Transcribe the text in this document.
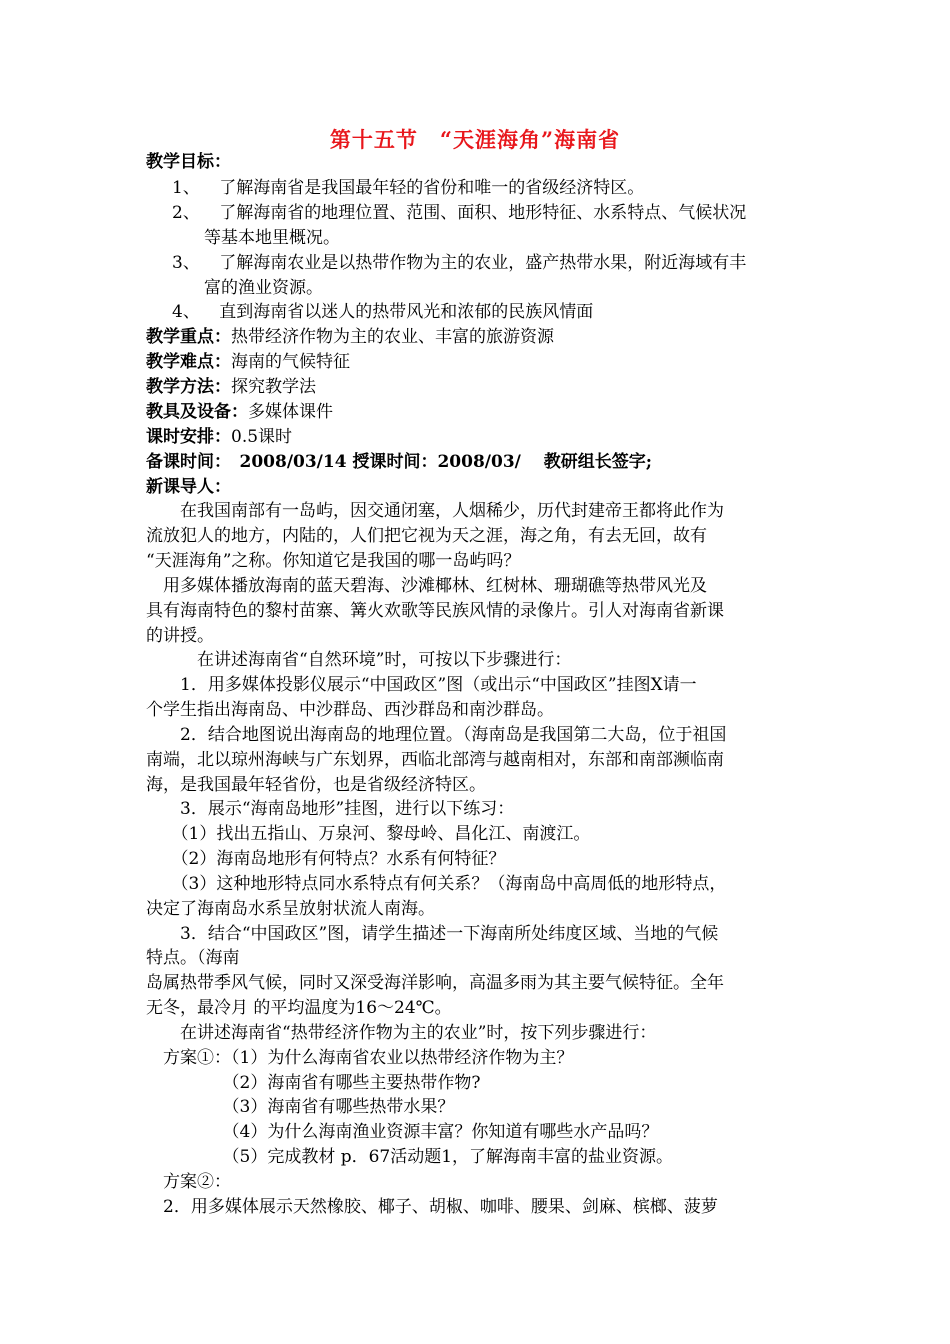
第十五节　“天涯海角”海南省
教学目标：
1、 了解海南省是我国最年轻的省份和唯一的省级经济特区。
2、 了解海南省的地理位置、范围、面积、地形特征、水系特点、气候状况
等基本地里概况。
3、 了解海南农业是以热带作物为主的农业，盛产热带水果，附近海域有丰
富的渔业资源。
4、 直到海南省以迷人的热带风光和浓郁的民族风情面
教学重点：热带经济作物为主的农业、丰富的旅游资源
教学难点：海南的气候特征
教学方法：探究教学法
教具及设备：多媒体课件
课时安排：0.5课时
备课时间：　2008/03/14 授课时间：2008/03/　 教研组长签字;
新课导人：
　　在我国南部有一岛屿，因交通闭塞，人烟稀少，历代封建帝王都将此作为
流放犯人的地方，内陆的，人们把它视为天之涯，海之角，有去无回，故有
“天涯海角”之称。你知道它是我国的哪一岛屿吗？
　用多媒体播放海南的蓝天碧海、沙滩椰林、红树林、珊瑚礁等热带风光及
具有海南特色的黎村苗寨、篝火欢歌等民族风情的录像片。引人对海南省新课
的讲授。
　　　在讲述海南省“自然环境”时，可按以下步骤进行：
　　1．用多媒体投影仪展示“中国政区”图（或出示“中国政区”挂图X请一
个学生指出海南岛、中沙群岛、西沙群岛和南沙群岛。
　　2．结合地图说出海南岛的地理位置。（海南岛是我国第二大岛，位于祖国
南端，北以琼州海峡与广东划界，西临北部湾与越南相对，东部和南部濒临南
海，是我国最年轻省份，也是省级经济特区。
　　3．展示“海南岛地形”挂图，进行以下练习：
　　（1）找出五指山、万泉河、黎母岭、昌化江、南渡江。
　　（2）海南岛地形有何特点？水系有何特征？
　　（3）这种地形特点同水系特点有何关系？（海南岛中高周低的地形特点，
决定了海南岛水系呈放射状流人南海。
　　3．结合“中国政区”图，请学生描述一下海南所处纬度区域、当地的气候
特点。（海南
岛属热带季风气候，同时又深受海洋影响，高温多雨为其主要气候特征。全年
无冬，最冷月 的平均温度为16～24℃。
　　在讲述海南省“热带经济作物为主的农业”时，按下列步骤进行：
　方案①：（1）为什么海南省农业以热带经济作物为主？
　　　　　（2）海南省有哪些主要热带作物?
　　　　　（3）海南省有哪些热带水果？
　　　　　（4）为什么海南渔业资源丰富？你知道有哪些水产品吗？
　　　　　（5）完成教材 p．67活动题1，了解海南丰富的盐业资源。
　方案②：
　2．用多媒体展示天然橡胶、椰子、胡椒、咖啡、腰果、剑麻、槟榔、菠萝
